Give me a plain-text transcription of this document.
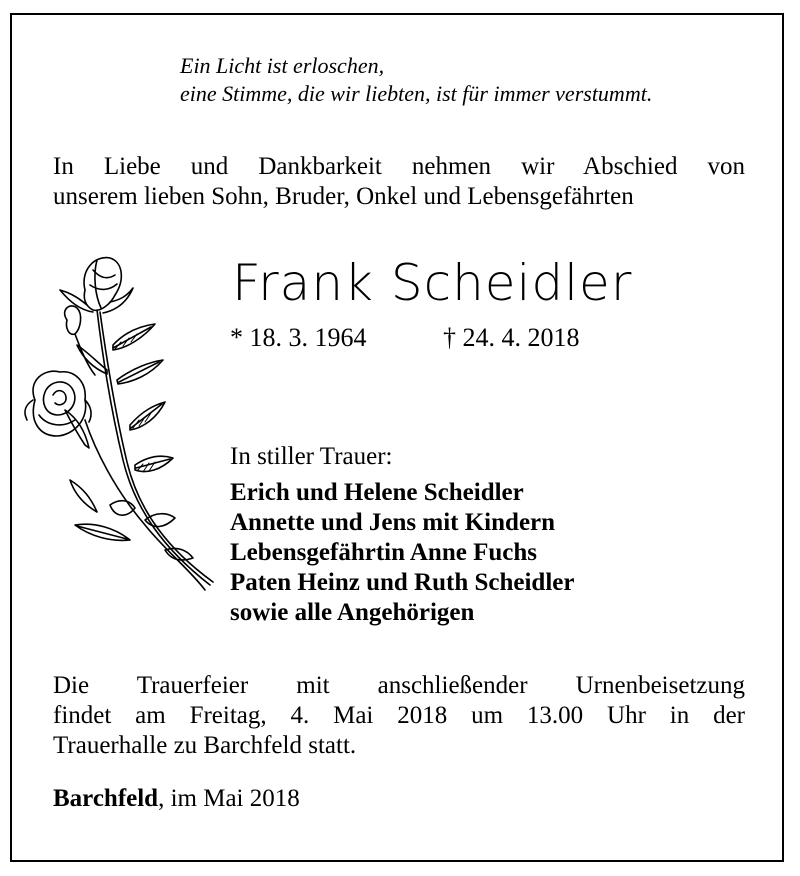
Ein Licht ist erloschen,
eine Stimme, die wir liebten, ist für immer verstummt.
In Liebe und Dankbarkeit nehmen wir Abschied von
unserem lieben Sohn, Bruder, Onkel und Lebensgefährten
Frank Scheidler
* 18. 3. 1964	† 24. 4. 2018
In stiller Trauer:
Erich und Helene Scheidler
Annette und Jens mit Kindern
Lebensgefährtin Anne Fuchs
Paten Heinz und Ruth Scheidler
sowie alle Angehörigen
Die Trauerfeier mit anschließender Urnenbeisetzung
findet am Freitag, 4. Mai 2018 um 13.00 Uhr in der
Trauerhalle zu Barchfeld statt.
Barchfeld, im Mai 2018
